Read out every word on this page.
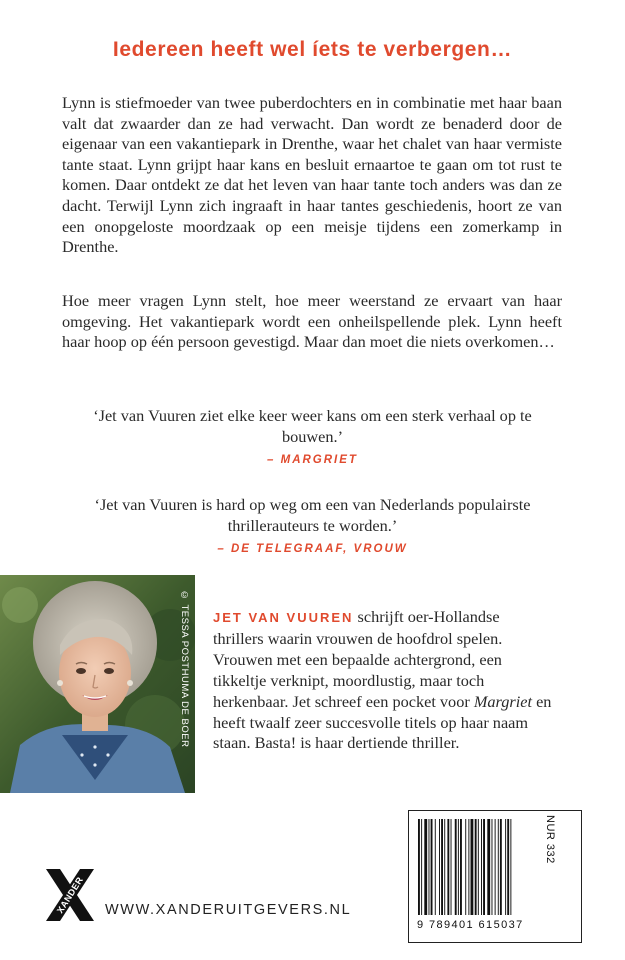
Iedereen heeft wel íets te verbergen…

Lynn is stiefmoeder van twee puberdochters en in combinatie met haar baan valt dat zwaarder dan ze had verwacht. Dan wordt ze benaderd door de eigenaar van een vakantiepark in Drenthe, waar het chalet van haar vermiste tante staat. Lynn grijpt haar kans en besluit ernaartoe te gaan om tot rust te komen. Daar ontdekt ze dat het leven van haar tante toch anders was dan ze dacht. Terwijl Lynn zich ingraaft in haar tantes geschiedenis, hoort ze van een onopgeloste moordzaak op een meisje tijdens een zomerkamp in Drenthe.

Hoe meer vragen Lynn stelt, hoe meer weerstand ze ervaart van haar omgeving. Het vakantiepark wordt een onheilspellende plek. Lynn heeft haar hoop op één persoon gevestigd. Maar dan moet die niets overkomen…

‘Jet van Vuuren ziet elke keer weer kans om een sterk verhaal op te bouwen.’
– MARGRIET
‘Jet van Vuuren is hard op weg om een van Nederlands populairste thrillerauteurs te worden.’
– DE TELEGRAAF, VROUW
© TESSA POSTHUMA DE BOER JET VAN VUUREN schrijft oer-Hollandse thrillers waarin vrouwen de hoofdrol spelen. Vrouwen met een bepaalde achtergrond, een tikkeltje verknipt, moordlustig, maar toch herkenbaar. Jet schreef een pocket voor Margriet en heeft twaalf zeer succesvolle titels op haar naam staan. Basta! is haar dertiende thriller.

XANDER WWW.XANDERUITGEVERS.NL
9 789401 615037
NUR 332
